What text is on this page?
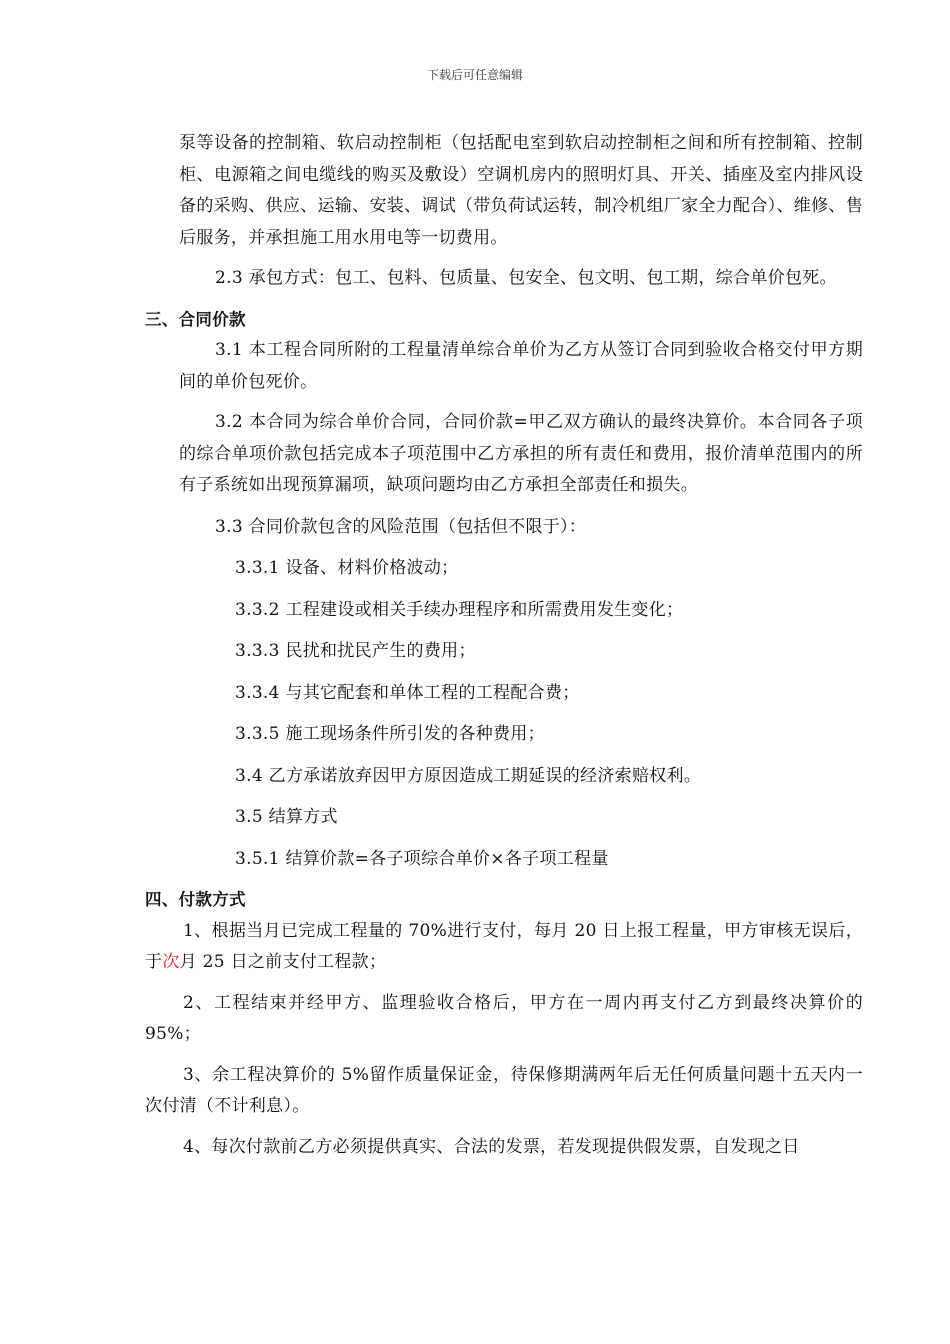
下载后可任意编辑

泵等设备的控制箱、软启动控制柜（包括配电室到软启动控制柜之间和所有控制箱、控制柜、电源箱之间电缆线的购买及敷设）空调机房内的照明灯具、开关、插座及室内排风设备的采购、供应、运输、安装、调试（带负荷试运转，制冷机组厂家全力配合）、维修、售后服务，并承担施工用水用电等一切费用。

2.3 承包方式：包工、包料、包质量、包安全、包文明、包工期，综合单价包死。

三、合同价款

3.1 本工程合同所附的工程量清单综合单价为乙方从签订合同到验收合格交付甲方期间的单价包死价。

3.2 本合同为综合单价合同，合同价款=甲乙双方确认的最终决算价。本合同各子项的综合单项价款包括完成本子项范围中乙方承担的所有责任和费用，报价清单范围内的所有子系统如出现预算漏项，缺项问题均由乙方承担全部责任和损失。

3.3 合同价款包含的风险范围（包括但不限于）：

3.3.1 设备、材料价格波动；

3.3.2 工程建设或相关手续办理程序和所需费用发生变化；

3.3.3 民扰和扰民产生的费用；

3.3.4 与其它配套和单体工程的工程配合费；

3.3.5 施工现场条件所引发的各种费用；

3.4 乙方承诺放弃因甲方原因造成工期延误的经济索赔权利。

3.5 结算方式

3.5.1 结算价款=各子项综合单价×各子项工程量

四、付款方式

1、根据当月已完成工程量的 70%进行支付，每月 20 日上报工程量，甲方审核无误后，于次月 25 日之前支付工程款；

2、工程结束并经甲方、监理验收合格后，甲方在一周内再支付乙方到最终决算价的 95%；

3、余工程决算价的 5%留作质量保证金，待保修期满两年后无任何质量问题十五天内一次付清（不计利息）。

4、每次付款前乙方必须提供真实、合法的发票，若发现提供假发票，自发现之日
